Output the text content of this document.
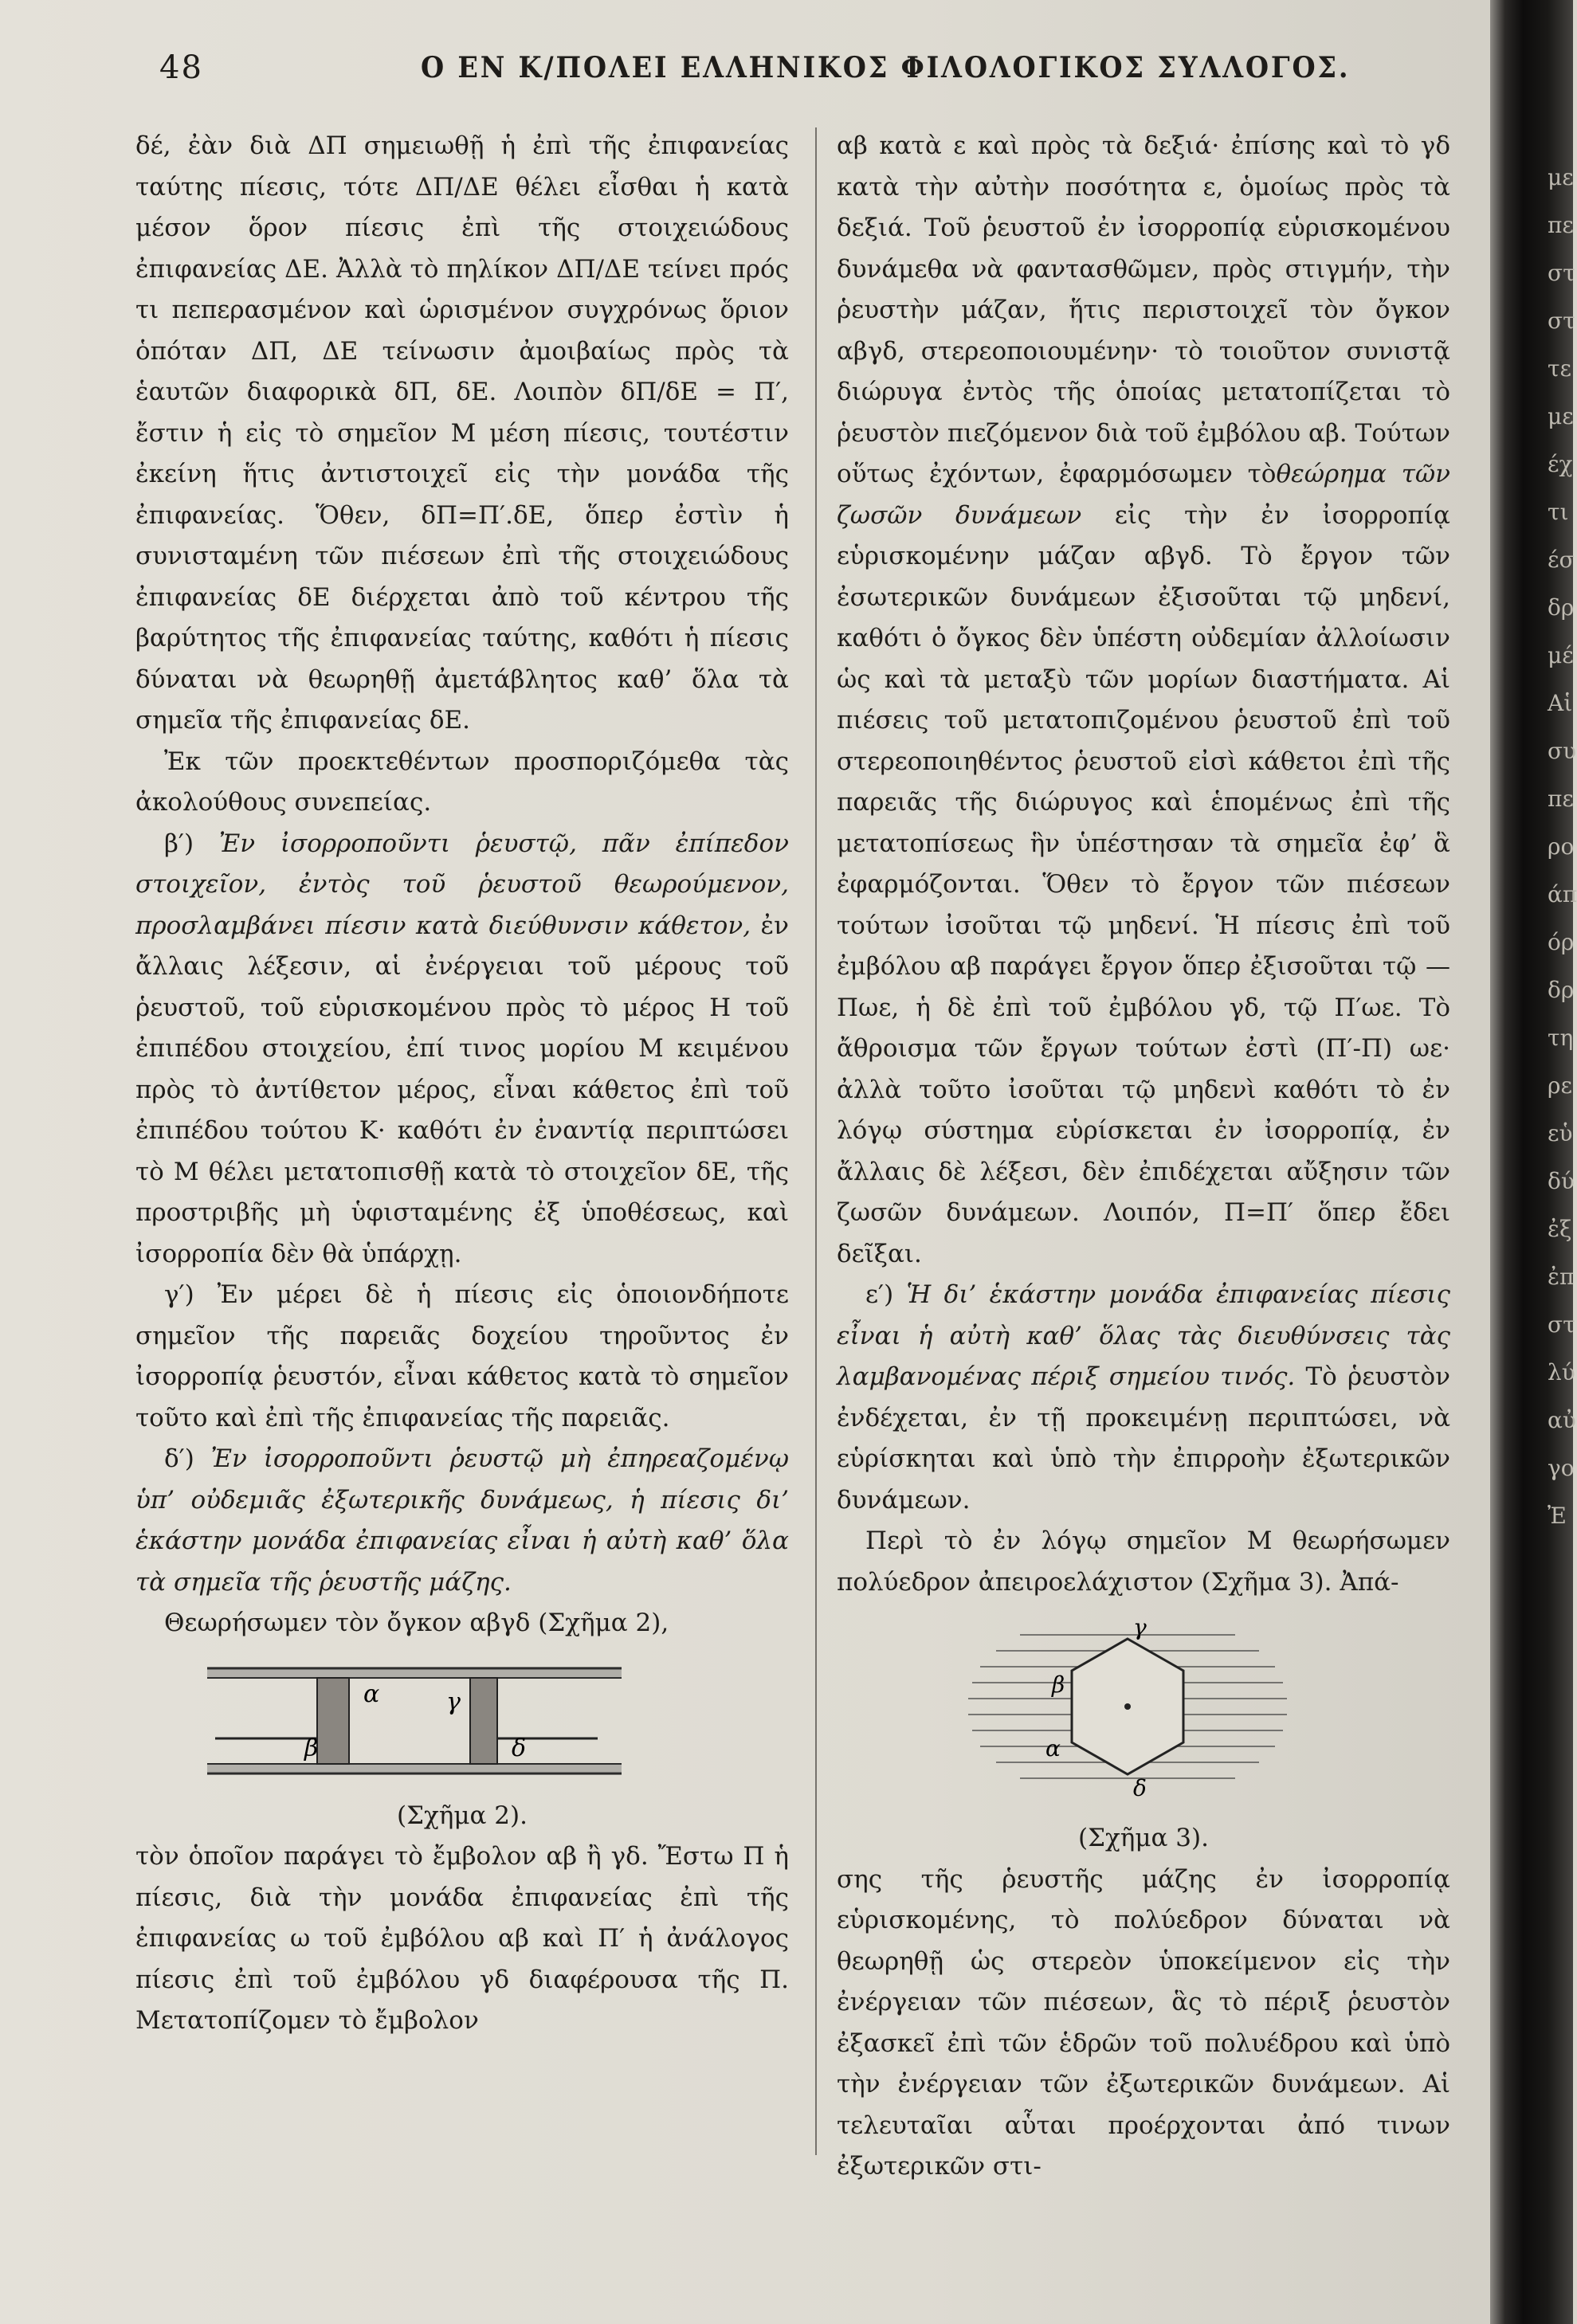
48	Ο ΕΝ Κ/ΠΟΛΕΙ ΕΛΛΗΝΙΚΟΣ ΦΙΛΟΛΟΓΙΚΟΣ ΣΥΛΛΟΓΟΣ.

δέ, ἐὰν διὰ ΔΠ σημειωθῇ ἡ ἐπὶ τῆς ἐπιφανείας ταύτης πίεσις, τότε ΔΠ/ΔΕ θέλει εἶσθαι ἡ κατὰ μέσον ὅρον πίεσις ἐπὶ τῆς στοιχειώδους ἐπιφανείας ΔΕ. Ἀλλὰ τὸ πηλίκον ΔΠ/ΔΕ τείνει πρός τι πεπερασμένον καὶ ὡρισμένον συγχρόνως ὅριον ὁπόταν ΔΠ, ΔΕ τείνωσιν ἀμοιβαίως πρὸς τὰ ἑαυτῶν διαφορικὰ δΠ, δΕ. Λοιπὸν δΠ/δΕ = Π′, ἔστιν ἡ εἰς τὸ σημεῖον Μ μέση πίεσις, τουτέστιν ἐκείνη ἥτις ἀντιστοιχεῖ εἰς τὴν μονάδα τῆς ἐπιφανείας. Ὅθεν, δΠ=Π′.δΕ, ὅπερ ἐστὶν ἡ συνισταμένη τῶν πιέσεων ἐπὶ τῆς στοιχειώδους ἐπιφανείας δΕ διέρχεται ἀπὸ τοῦ κέντρου τῆς βαρύτητος τῆς ἐπιφανείας ταύτης, καθότι ἡ πίεσις δύναται νὰ θεωρηθῇ ἀμετάβλητος καθ’ ὅλα τὰ σημεῖα τῆς ἐπιφανείας δΕ.

Ἐκ τῶν προεκτεθέντων προσποριζόμεθα τὰς ἀκολούθους συνεπείας.

β′) Ἐν ἰσορροποῦντι ῥευστῷ, πᾶν ἐπίπεδον στοιχεῖον, ἐντὸς τοῦ ῥευστοῦ θεωρούμενον, προσλαμβάνει πίεσιν κατὰ διεύθυνσιν κάθετον, ἐν ἄλλαις λέξεσιν, αἱ ἐνέργειαι τοῦ μέρους τοῦ ῥευστοῦ, τοῦ εὑρισκομένου πρὸς τὸ μέρος Η τοῦ ἐπιπέδου στοιχείου, ἐπί τινος μορίου Μ κειμένου πρὸς τὸ ἀντίθετον μέρος, εἶναι κάθετος ἐπὶ τοῦ ἐπιπέδου τούτου Κ· καθότι ἐν ἐναντίᾳ περιπτώσει τὸ Μ θέλει μετατοπισθῇ κατὰ τὸ στοιχεῖον δΕ, τῆς προστριβῆς μὴ ὑφισταμένης ἐξ ὑποθέσεως, καὶ ἰσορροπία δὲν θὰ ὑπάρχῃ.

γ′) Ἐν μέρει δὲ ἡ πίεσις εἰς ὁποιονδήποτε σημεῖον τῆς παρειᾶς δοχείου τηροῦντος ἐν ἰσορροπίᾳ ῥευστόν, εἶναι κάθετος κατὰ τὸ σημεῖον τοῦτο καὶ ἐπὶ τῆς ἐπιφανείας τῆς παρειᾶς.

δ′) Ἐν ἰσορροποῦντι ῥευστῷ μὴ ἐπηρεαζομένῳ ὑπ’ οὐδεμιᾶς ἐξωτερικῆς δυνάμεως, ἡ πίεσις δι’ ἑκάστην μονάδα ἐπιφανείας εἶναι ἡ αὐτὴ καθ’ ὅλα τὰ σημεῖα τῆς ῥευστῆς μάζης.

Θεωρήσωμεν τὸν ὄγκον αβγδ (Σχῆμα 2),

α
β
γ
δ

(Σχῆμα 2).

τὸν ὁποῖον παράγει τὸ ἔμβολον αβ ἢ γδ. Ἔστω Π ἡ πίεσις, διὰ τὴν μονάδα ἐπιφανείας ἐπὶ τῆς ἐπιφανείας ω τοῦ ἐμβόλου αβ καὶ Π′ ἡ ἀνάλογος πίεσις ἐπὶ τοῦ ἐμβόλου γδ διαφέρουσα τῆς Π. Μετατοπίζομεν τὸ ἔμβολον

αβ κατὰ ε καὶ πρὸς τὰ δεξιά· ἐπίσης καὶ τὸ γδ κατὰ τὴν αὐτὴν ποσότητα ε, ὁμοίως πρὸς τὰ δεξιά. Τοῦ ῥευστοῦ ἐν ἰσορροπίᾳ εὑρισκομένου δυνάμεθα νὰ φαντασθῶμεν, πρὸς στιγμήν, τὴν ῥευστὴν μάζαν, ἥτις περιστοιχεῖ τὸν ὄγκον αβγδ, στερεοποιουμένην· τὸ τοιοῦτον συνιστᾷ διώρυγα ἐντὸς τῆς ὁποίας μετατοπίζεται τὸ ῥευστὸν πιεζόμενον διὰ τοῦ ἐμβόλου αβ. Τούτων οὕτως ἐχόντων, ἐφαρμόσωμεν τὸθεώρημα τῶν ζωσῶν δυνάμεων εἰς τὴν ἐν ἰσορροπίᾳ εὑρισκομένην μάζαν αβγδ. Τὸ ἔργον τῶν ἐσωτερικῶν δυνάμεων ἐξισοῦται τῷ μηδενί, καθότι ὁ ὄγκος δὲν ὑπέστη οὐδεμίαν ἀλλοίωσιν ὡς καὶ τὰ μεταξὺ τῶν μορίων διαστήματα. Αἱ πιέσεις τοῦ μετατοπιζομένου ῥευστοῦ ἐπὶ τοῦ στερεοποιηθέντος ῥευστοῦ εἰσὶ κάθετοι ἐπὶ τῆς παρειᾶς τῆς διώρυγος καὶ ἑπομένως ἐπὶ τῆς μετατοπίσεως ἣν ὑπέστησαν τὰ σημεῖα ἐφ’ ἃ ἐφαρμόζονται. Ὅθεν τὸ ἔργον τῶν πιέσεων τούτων ἰσοῦται τῷ μηδενί. Ἡ πίεσις ἐπὶ τοῦ ἐμβόλου αβ παράγει ἔργον ὅπερ ἐξισοῦται τῷ —Πωε, ἡ δὲ ἐπὶ τοῦ ἐμβόλου γδ, τῷ Π′ωε. Τὸ ἄθροισμα τῶν ἔργων τούτων ἐστὶ (Π′-Π) ωε· ἀλλὰ τοῦτο ἰσοῦται τῷ μηδενὶ καθότι τὸ ἐν λόγῳ σύστημα εὑρίσκεται ἐν ἰσορροπίᾳ, ἐν ἄλλαις δὲ λέξεσι, δὲν ἐπιδέχεται αὔξησιν τῶν ζωσῶν δυνάμεων. Λοιπόν, Π=Π′ ὅπερ ἔδει δεῖξαι.

ε′) Ἡ δι’ ἑκάστην μονάδα ἐπιφανείας πίεσις εἶναι ἡ αὐτὴ καθ’ ὅλας τὰς διευθύνσεις τὰς λαμβανομένας πέριξ σημείου τινός. Τὸ ῥευστὸν ἐνδέχεται, ἐν τῇ προκειμένῃ περιπτώσει, νὰ εὑρίσκηται καὶ ὑπὸ τὴν ἐπιρροὴν ἐξωτερικῶν δυνάμεων.

Περὶ τὸ ἐν λόγῳ σημεῖον Μ θεωρήσωμεν πολύεδρον ἀπειροελάχιστον (Σχῆμα 3). Ἀπά-

γ
β
α
δ

(Σχῆμα 3).

σης τῆς ῥευστῆς μάζης ἐν ἰσορροπίᾳ εὑρισκομένης, τὸ πολύεδρον δύναται νὰ θεωρηθῇ ὡς στερεὸν ὑποκείμενον εἰς τὴν ἐνέργειαν τῶν πιέσεων, ἃς τὸ πέριξ ῥευστὸν ἐξασκεῖ ἐπὶ τῶν ἑδρῶν τοῦ πολυέδρου καὶ ὑπὸ τὴν ἐνέργειαν τῶν ἐξωτερικῶν δυνάμεων. Αἱ τελευταῖαι αὗται προέρχονται ἀπό τινων ἐξωτερικῶν στι-

με
πε
στ
στ
τε
με
έχ
τι
έσ
δρ
μέ
Αἱ
συ
πε
ρο
άπ
όρ
δρ
τη
ρε
εὑ
δύ
ἐξ
ἐπ
στ
λύ
αὐ
γο
Ἐ
